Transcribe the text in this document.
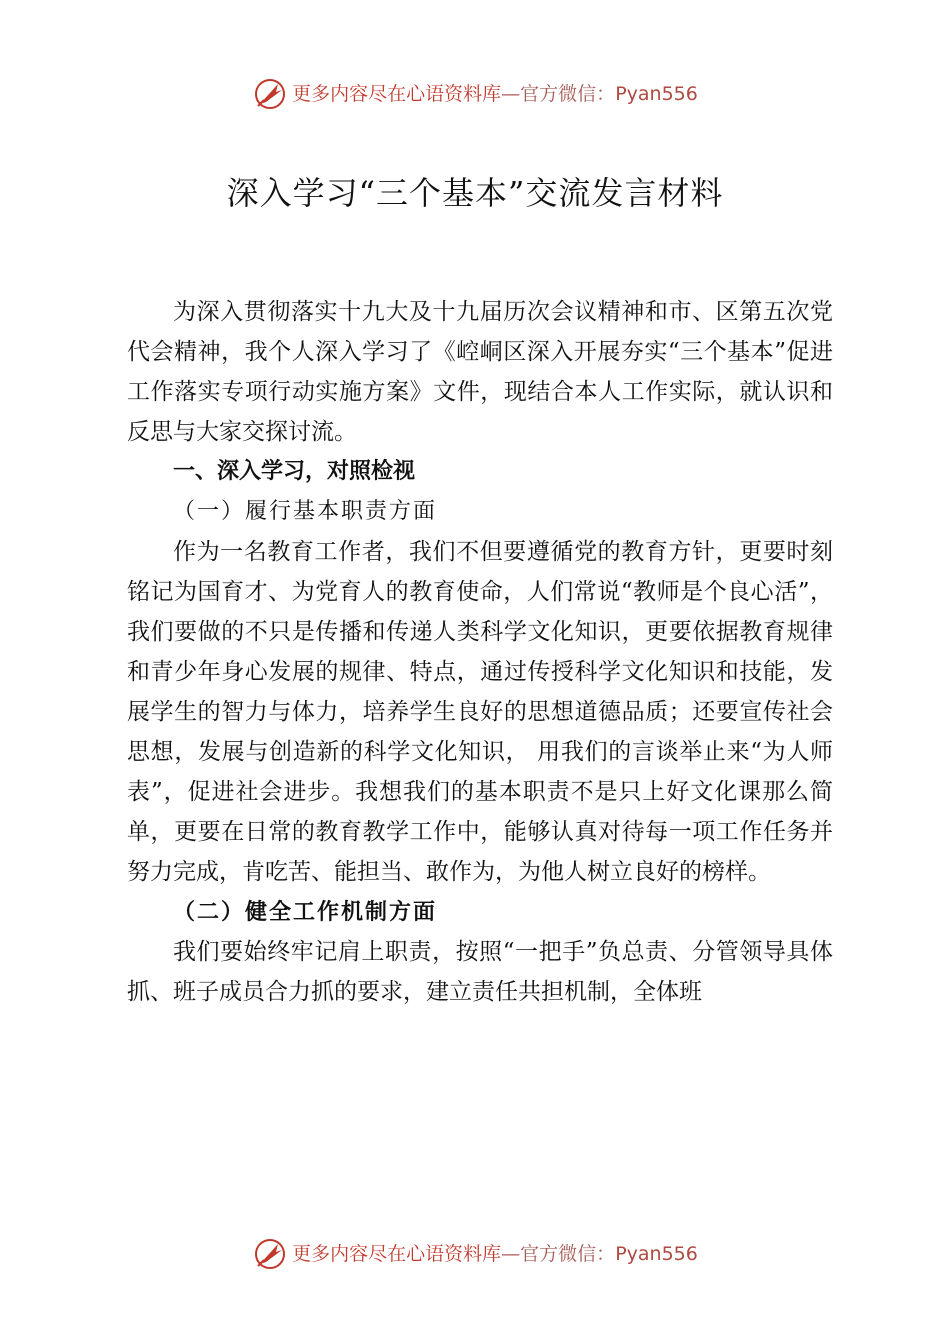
更多内容尽在心语资料库 —官方微信： Pyan556
深入学习“三个基本”交流发言材料

为深入贯彻落实十九大及十九届历次会议精神和市、区第五次党代会精神，我个人深入学习了《崆峒区深入开展夯实“三个基本”促进工作落实专项行动实施方案》文件，现结合本人工作实际，就认识和反思与大家交探讨流。

一、深入学习，对照检视

（一）履行基本职责方面

作为一名教育工作者，我们不但要遵循党的教育方针，更要时刻铭记为国育才、为党育人的教育使命，人们常说“教师是个良心活”，我们要做的不只是传播和传递人类科学文化知识，更要依据教育规律和青少年身心发展的规律、特点，通过传授科学文化知识和技能，发展学生的智力与体力，培养学生良好的思想道德品质；还要宣传社会思想，发展与创造新的科学文化知识， 用我们的言谈举止来“为人师表”，促进社会进步。我想我们的基本职责不是只上好文化课那么简单，更要在日常的教育教学工作中，能够认真对待每一项工作任务并努力完成，肯吃苦、能担当、敢作为，为他人树立良好的榜样。

（二）健全工作机制方面

我们要始终牢记肩上职责，按照“一把手”负总责、分管领导具体抓、班子成员合力抓的要求，建立责任共担机制，全体班

更多内容尽在心语资料库 —官方微信： Pyan556
